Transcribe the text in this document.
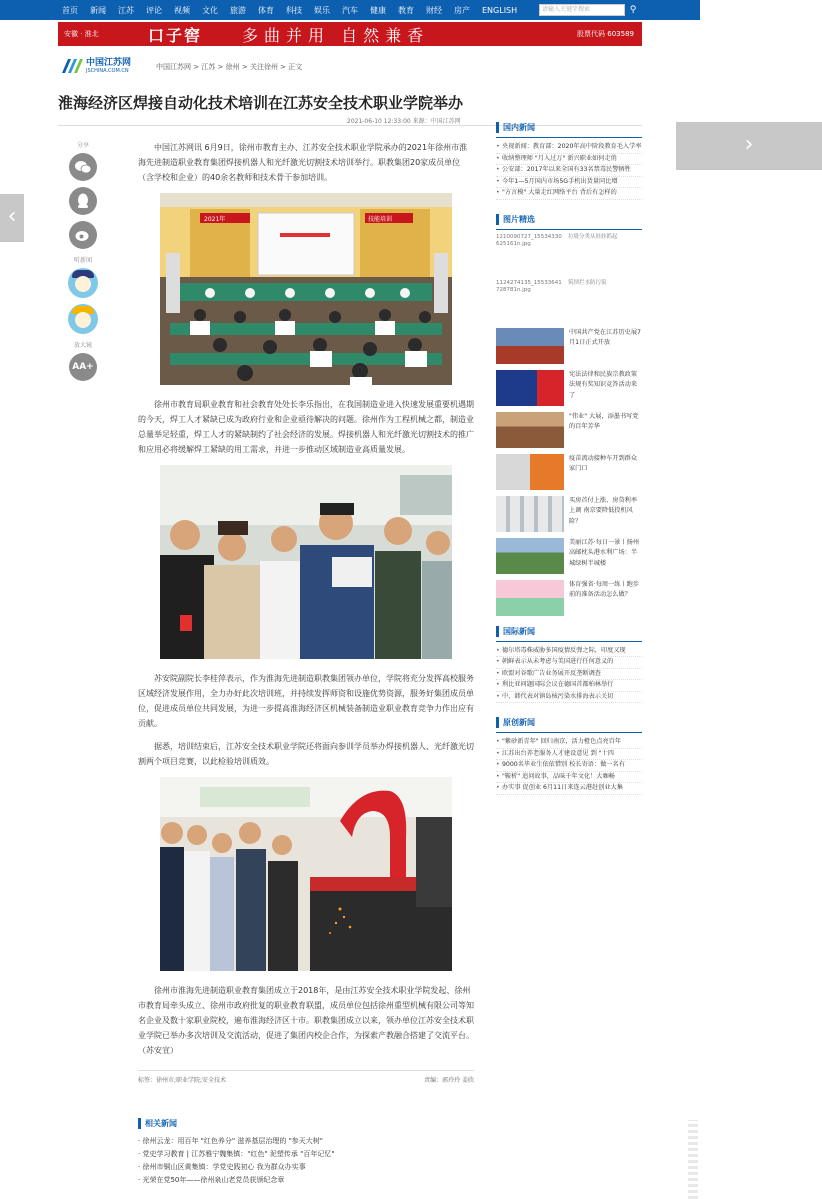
首页 新闻 江苏 评论 视频 文化 旅游 体育 科技 娱乐 汽车 健康 教育 财经 房产 ENGLISH	请输入关键字搜索	⚲
安徽 · 淮北	口子窖	多曲并用 自然兼香	股票代码 603589
中国江苏网
JSCHINA.COM.CN	中国江苏网 > 江苏 > 徐州 > 关注徐州 > 正文
淮海经济区焊接自动化技术培训在江苏安全技术职业学院举办
2021-06-10 12:33:00 来源：中国江苏网
‹
›
分享
听新闻
放大镜
AA+

中国江苏网讯 6月9日，徐州市教育主办、江苏安全技术职业学院承办的2021年徐州市淮海先进制造职业教育集团焊接机器人和光纤激光切割技术培训举行。职教集团20家成员单位（含学校和企业）的40余名教师和技术骨干参加培训。

2021年	技能培训

徐州市教育局职业教育和社会教育处处长李乐指出，在我国制造业进入快速发展重要机遇期的今天，焊工人才紧缺已成为政府行业和企业亟待解决的问题。徐州作为工程机械之都，制造业总量举足轻重，焊工人才的紧缺制约了社会经济的发展。焊接机器人和光纤激光切割技术的推广和应用必将缓解焊工紧缺的用工需求，并进一步推动区域制造业高质量发展。

苏安院副院长李桂萍表示，作为淮海先进制造职教集团领办单位，学院将充分发挥高校服务区域经济发展作用，全力办好此次培训班，并持续发挥师资和设施优势资源，服务好集团成员单位，促进成员单位共同发展，为进一步提高淮海经济区机械装备制造业职业教育竞争力作出应有贡献。

据悉，培训结束后，江苏安全技术职业学院还将面向参训学员举办焊接机器人、光纤激光切割两个项目竞赛，以此检验培训质效。

徐州市淮海先进制造职业教育集团成立于2018年，是由江苏安全技术职业学院发起、徐州市教育局牵头成立、徐州市政府批复的职业教育联盟，成员单位包括徐州重型机械有限公司等知名企业及数十家职业院校，遍布淮海经济区十市。职教集团成立以来，领办单位江苏安全技术职业学院已举办多次培训及交流活动，促进了集团内校企合作，为探索产教融合搭建了交流平台。（苏安宣）

标签：徐州市;职业学院;安全技术	责编：郭玲玲 姜欣
相关新闻
· 徐州云龙：用百年 "红色养分" 滋养基层治理的 "参天大树"
· 党史学习教育 | 江苏雅宁魏集镇："红色" 泥塑传承 "百年记忆"
· 徐州市铜山区黄集镇：学党史践初心 我为群众办实事
· 光荣在党50年——徐州泉山老党员获颁纪念章
国内新闻
• 央视新闻：教育部：2020年高中阶段教育毛入学率
• 收纳整理师 "月入过万" 新兴职业如何走俏
• 公安部：2017年以来全国有33名禁毒民警牺牲
• 今年1—5月国内市场5G手机出货量同比增
• "方言模" 大量走红网络平台 背后有怎样的
图片精选
1210090727_15534330625161n.jpg
垃圾分类从娃娃抓起
1124274135_15533641728781n.jpg
筑坝拦水防污染
中国共产党在江苏历史展7月1日正式开放
宪法法律和民族宗教政策法规有奖知识竞答活动来了
"伟业" 大展，添墨书写党的百年芳华
疫苗流动接种车开到群众家门口
买房首付上涨、房贷利率上调 南京要降低投机风险？
美丽江苏·每日一景丨扬州高邮枕头港水利广场：半城绿树半城楼
体育强省·每周一练丨跑步前的准备活动怎么做？
国际新闻
• 德尔塔毒株威胁多国疫情反弹之际，印度又现
• 朝鲜表示从未考虑与美国进行任何意义的
• 欧盟对谷歌广告业务展开反垄断调查
• 利比亚问题国际会议在德国首都柏林举行
• 中、韩代表对镇岛核污染水排海表示关切
原创新闻
• "紫砂新青年" 回归南京，活力橙色点亮百年
• 江苏出台养老服务人才建设意见 到 "十四
• 9000名毕业生依依惜别 校长寄语：做一名有
• "鞍析" 追问故事，品味千年文化！大咖畅
• 办实事 促创业 6月11日来连云港赶创业大集
